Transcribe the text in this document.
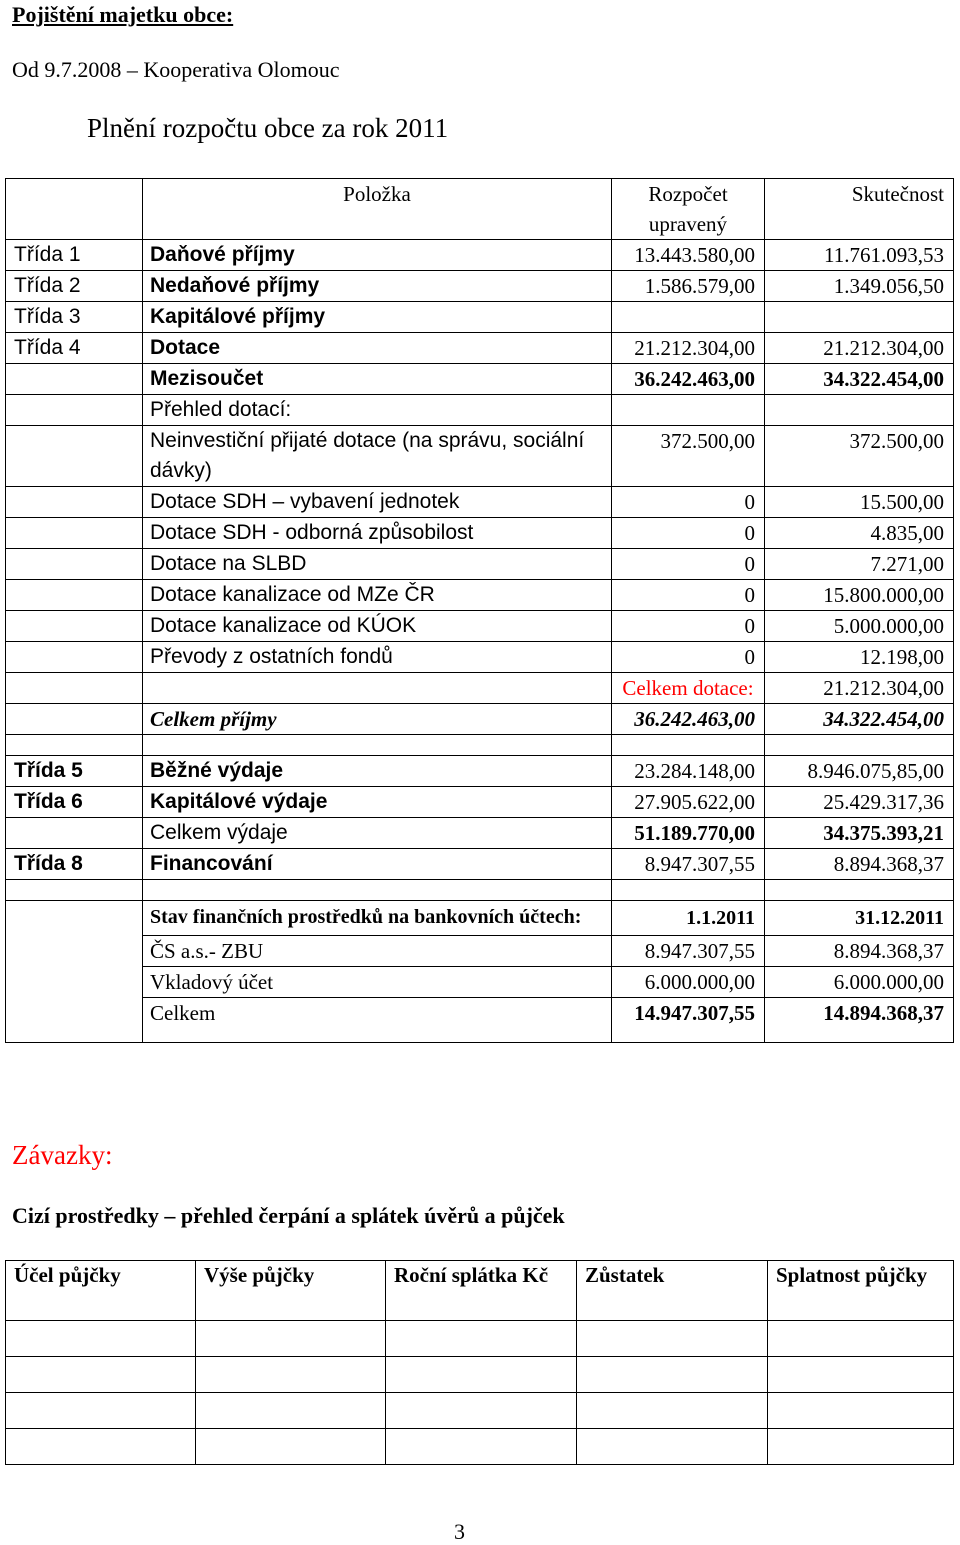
Pojištění majetku obce:
Od 9.7.2008 – Kooperativa Olomouc
Plnění rozpočtu obce za rok 2011
	Položka	Rozpočet upravený	Skutečnost
Třída 1	Daňové příjmy	13.443.580,00	11.761.093,53
Třída 2	Nedaňové příjmy	1.586.579,00	1.349.056,50
Třída 3	Kapitálové příjmy		
Třída 4	Dotace	21.212.304,00	21.212.304,00
	Mezisoučet	36.242.463,00	34.322.454,00
	Přehled dotací:		
	Neinvestiční přijaté dotace (na správu, sociální dávky)	372.500,00	372.500,00
	Dotace SDH – vybavení jednotek	0	15.500,00
	Dotace SDH - odborná způsobilost	0	4.835,00
	Dotace na SLBD	0	7.271,00
	Dotace kanalizace od MZe ČR	0	15.800.000,00
	Dotace kanalizace od KÚOK	0	5.000.000,00
	Převody z ostatních fondů	0	12.198,00
		Celkem dotace:	21.212.304,00
	Celkem příjmy	36.242.463,00	34.322.454,00

Třída 5	Běžné výdaje	23.284.148,00	8.946.075,85,00
Třída 6	Kapitálové výdaje	27.905.622,00	25.429.317,36
	Celkem výdaje	51.189.770,00	34.375.393,21
Třída 8	Financování	8.947.307,55	8.894.368,37

	Stav finančních prostředků na bankovních účtech:	1.1.2011	31.12.2011
	ČS a.s.- ZBU	8.947.307,55	8.894.368,37
	Vkladový účet	6.000.000,00	6.000.000,00
	Celkem	14.947.307,55	14.894.368,37
Závazky:
Cizí prostředky – přehled čerpání a splátek úvěrů a půjček
Účel půjčky	Výše půjčky	Roční splátka Kč	Zůstatek	Splatnost půjčky

3
